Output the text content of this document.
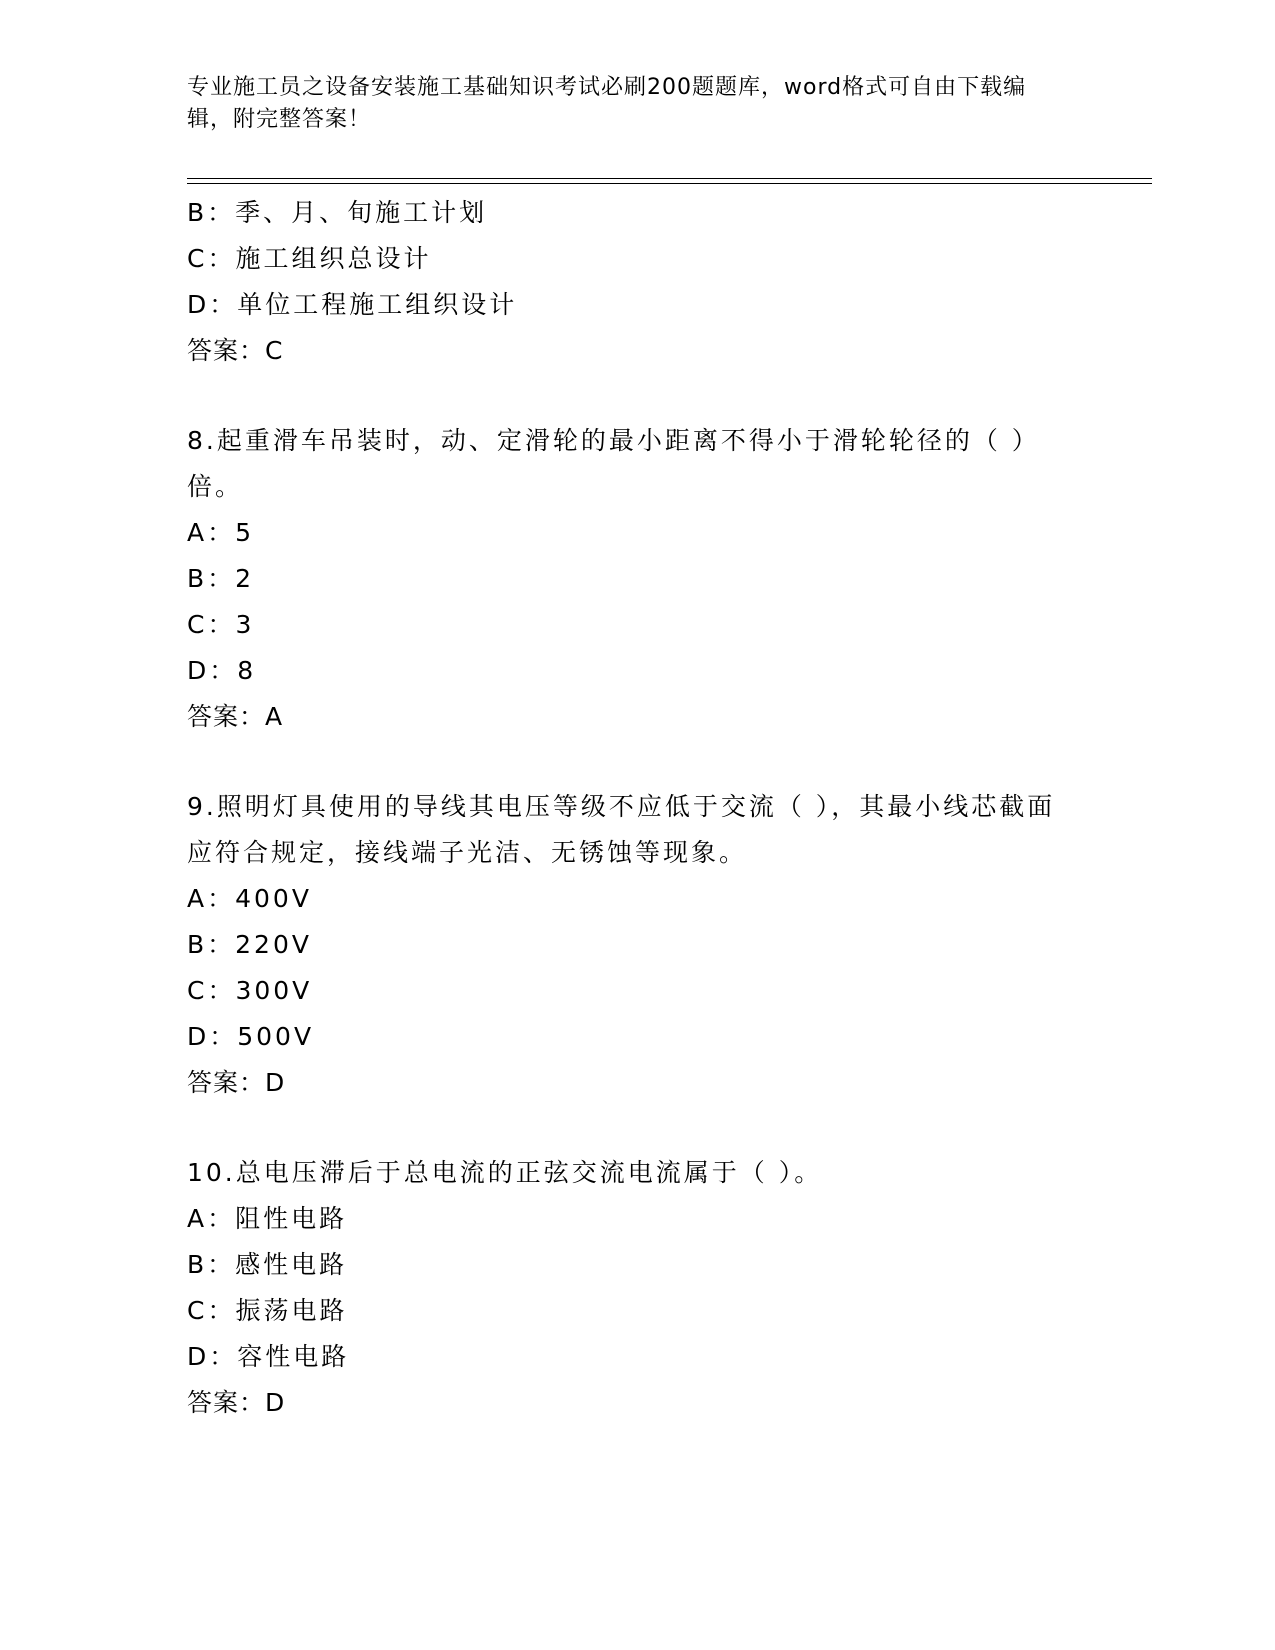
专业施工员之设备安装施工基础知识考试必刷200题题库，word格式可自由下载编辑，附完整答案！
B：季、月、旬施工计划
C：施工组织总设计
D：单位工程施工组织设计
答案：C
8.起重滑车吊装时，动、定滑轮的最小距离不得小于滑轮轮径的（ ）倍。
A：5
B：2
C：3
D：8
答案：A
9.照明灯具使用的导线其电压等级不应低于交流（ ），其最小线芯截面应符合规定，接线端子光洁、无锈蚀等现象。
A：400V
B：220V
C：300V
D：500V
答案：D
10.总电压滞后于总电流的正弦交流电流属于（ ）。
A：阻性电路
B：感性电路
C：振荡电路
D：容性电路
答案：D
